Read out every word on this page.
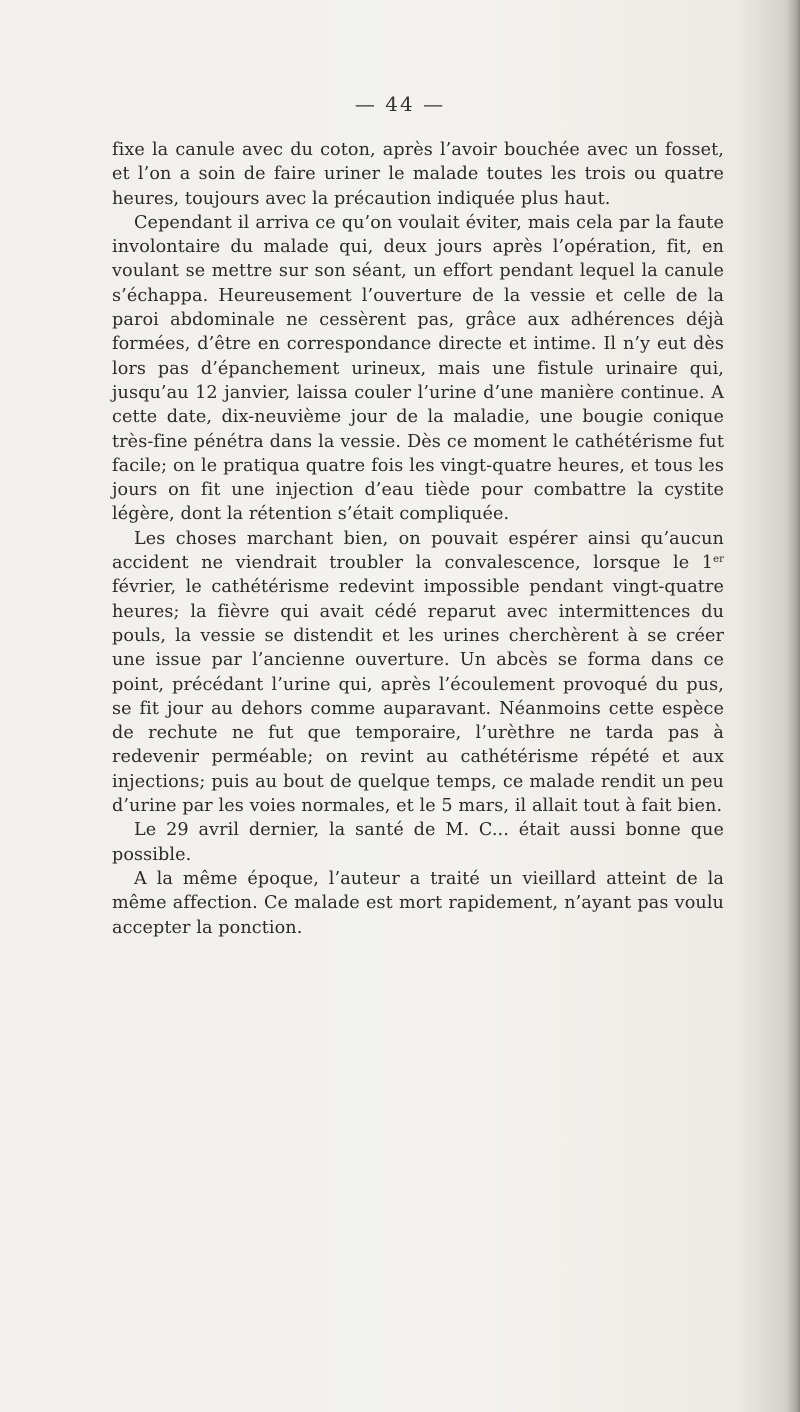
— 44 —

fixe la canule avec du coton, après l’avoir bouchée avec un fosset, et l’on a soin de faire uriner le malade toutes les trois ou quatre heures, toujours avec la précaution indiquée plus haut.

Cependant il arriva ce qu’on voulait éviter, mais cela par la faute involontaire du malade qui, deux jours après l’opération, fit, en voulant se mettre sur son séant, un effort pendant lequel la canule s’échappa. Heureusement l’ouverture de la vessie et celle de la paroi abdominale ne cessèrent pas, grâce aux adhérences déjà formées, d’être en correspondance directe et intime. Il n’y eut dès lors pas d’épanchement urineux, mais une fistule urinaire qui, jusqu’au 12 janvier, laissa couler l’urine d’une manière continue. A cette date, dix-neuvième jour de la maladie, une bougie conique très-fine pénétra dans la vessie. Dès ce moment le cathétérisme fut facile; on le pratiqua quatre fois les vingt-quatre heures, et tous les jours on fit une injection d’eau tiède pour combattre la cystite légère, dont la rétention s’était compliquée.

Les choses marchant bien, on pouvait espérer ainsi qu’aucun accident ne viendrait troubler la convalescence, lorsque le 1er février, le cathétérisme redevint impossible pendant vingt-quatre heures; la fièvre qui avait cédé reparut avec intermittences du pouls, la vessie se distendit et les urines cherchèrent à se créer une issue par l’ancienne ouverture. Un abcès se forma dans ce point, précédant l’urine qui, après l’écoulement provoqué du pus, se fit jour au dehors comme auparavant. Néanmoins cette espèce de rechute ne fut que temporaire, l’urèthre ne tarda pas à redevenir perméable; on revint au cathétérisme répété et aux injections; puis au bout de quelque temps, ce malade rendit un peu d’urine par les voies normales, et le 5 mars, il allait tout à fait bien.

Le 29 avril dernier, la santé de M. C... était aussi bonne que possible.

A la même époque, l’auteur a traité un vieillard atteint de la même affection. Ce malade est mort rapidement, n’ayant pas voulu accepter la ponction.
